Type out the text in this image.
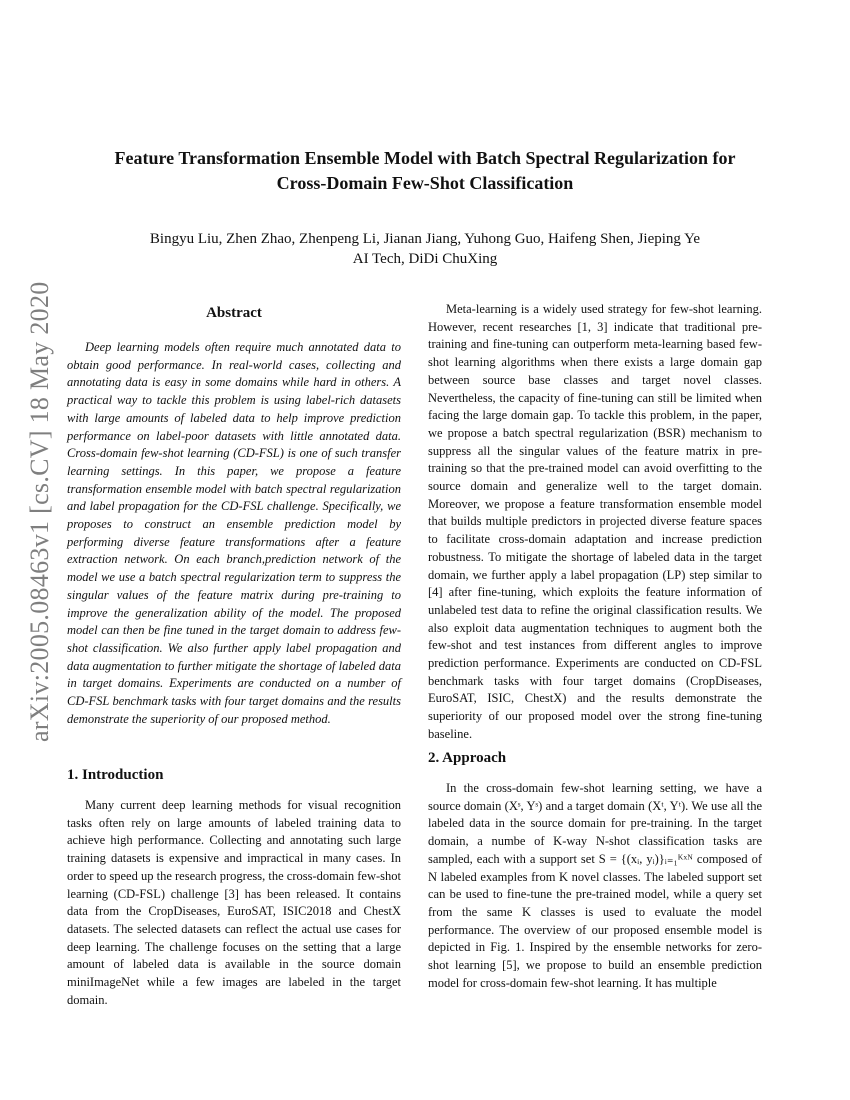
arXiv:2005.08463v1 [cs.CV] 18 May 2020
Feature Transformation Ensemble Model with Batch Spectral Regularization for
Cross-Domain Few-Shot Classification
Bingyu Liu, Zhen Zhao, Zhenpeng Li, Jianan Jiang, Yuhong Guo, Haifeng Shen, Jieping Ye
AI Tech, DiDi ChuXing
Abstract

Deep learning models often require much annotated data to obtain good performance. In real-world cases, collecting and annotating data is easy in some domains while hard in others. A practical way to tackle this problem is using label-rich datasets with large amounts of labeled data to help improve prediction performance on label-poor datasets with little annotated data. Cross-domain few-shot learning (CD-FSL) is one of such transfer learning settings. In this paper, we propose a feature transformation ensemble model with batch spectral regularization and label propagation for the CD-FSL challenge. Specifically, we proposes to construct an ensemble prediction model by performing diverse feature transformations after a feature extraction network. On each branch,prediction network of the model we use a batch spectral regularization term to suppress the singular values of the feature matrix during pre-training to improve the generalization ability of the model. The proposed model can then be fine tuned in the target domain to address few-shot classification. We also further apply label propagation and data augmentation to further mitigate the shortage of labeled data in target domains. Experiments are conducted on a number of CD-FSL benchmark tasks with four target domains and the results demonstrate the superiority of our proposed method.

1. Introduction

Many current deep learning methods for visual recognition tasks often rely on large amounts of labeled training data to achieve high performance. Collecting and annotating such large training datasets is expensive and impractical in many cases. In order to speed up the research progress, the cross-domain few-shot learning (CD-FSL) challenge [3] has been released. It contains data from the CropDiseases, EuroSAT, ISIC2018 and ChestX datasets. The selected datasets can reflect the actual use cases for deep learning. The challenge focuses on the setting that a large amount of labeled data is available in the source domain miniImageNet while a few images are labeled in the target domain.

Meta-learning is a widely used strategy for few-shot learning. However, recent researches [1, 3] indicate that traditional pre-training and fine-tuning can outperform meta-learning based few-shot learning algorithms when there exists a large domain gap between source base classes and target novel classes. Nevertheless, the capacity of fine-tuning can still be limited when facing the large domain gap. To tackle this problem, in the paper, we propose a batch spectral regularization (BSR) mechanism to suppress all the singular values of the feature matrix in pre-training so that the pre-trained model can avoid overfitting to the source domain and generalize well to the target domain. Moreover, we propose a feature transformation ensemble model that builds multiple predictors in projected diverse feature spaces to facilitate cross-domain adaptation and increase prediction robustness. To mitigate the shortage of labeled data in the target domain, we further apply a label propagation (LP) step similar to [4] after fine-tuning, which exploits the feature information of unlabeled test data to refine the original classification results. We also exploit data augmentation techniques to augment both the few-shot and test instances from different angles to improve prediction performance. Experiments are conducted on CD-FSL benchmark tasks with four target domains (CropDiseases, EuroSAT, ISIC, ChestX) and the results demonstrate the superiority of our proposed model over the strong fine-tuning baseline.

2. Approach

In the cross-domain few-shot learning setting, we have a source domain (Xˢ, Yˢ) and a target domain (Xᵗ, Yᵗ). We use all the labeled data in the source domain for pre-training. In the target domain, a numbe of K-way N-shot classification tasks are sampled, each with a support set S = {(xᵢ, yᵢ)}ᵢ₌₁ᴷˣᴺ composed of N labeled examples from K novel classes. The labeled support set can be used to fine-tune the pre-trained model, while a query set from the same K classes is used to evaluate the model performance. The overview of our proposed ensemble model is depicted in Fig. 1. Inspired by the ensemble networks for zero-shot learning [5], we propose to build an ensemble prediction model for cross-domain few-shot learning. It has multiple
